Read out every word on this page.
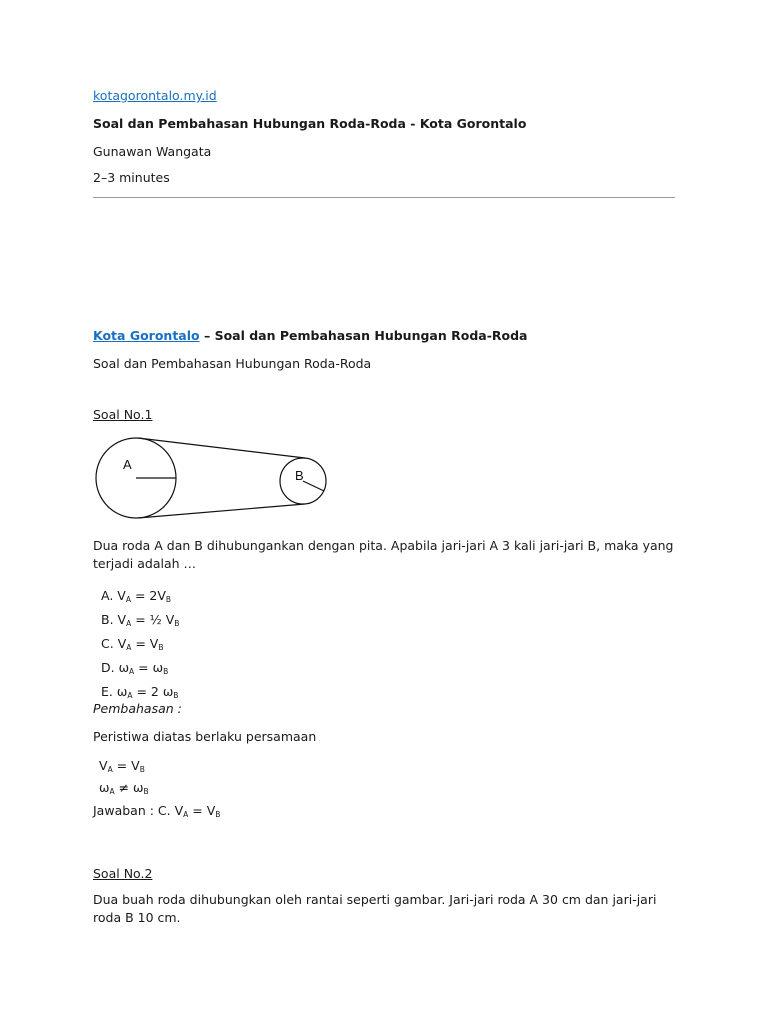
kotagorontalo.my.id
Soal dan Pembahasan Hubungan Roda-Roda - Kota Gorontalo
Gunawan Wangata
2–3 minutes
Kota Gorontalo – Soal dan Pembahasan Hubungan Roda-Roda
Soal dan Pembahasan Hubungan Roda-Roda
Soal No.1
A
B
Dua roda A dan B dihubungankan dengan pita. Apabila jari-jari A 3 kali jari-jari B, maka yang terjadi adalah …
A. $V_A = 2V_B$
B. $V_A$ = ½ $V_B$
C. $V_A = V_B$
D. $\omega_A = \omega_B$
E. $\omega_A = 2$ $\omega_B$
Pembahasan :
Peristiwa diatas berlaku persamaan
$V_A = V_B$
$\omega_A \ne \omega_B$
Jawaban : C. $V_A = V_B$
Soal No.2
Dua buah roda dihubungkan oleh rantai seperti gambar. Jari-jari roda A 30 cm dan jari-jari roda B 10 cm.
